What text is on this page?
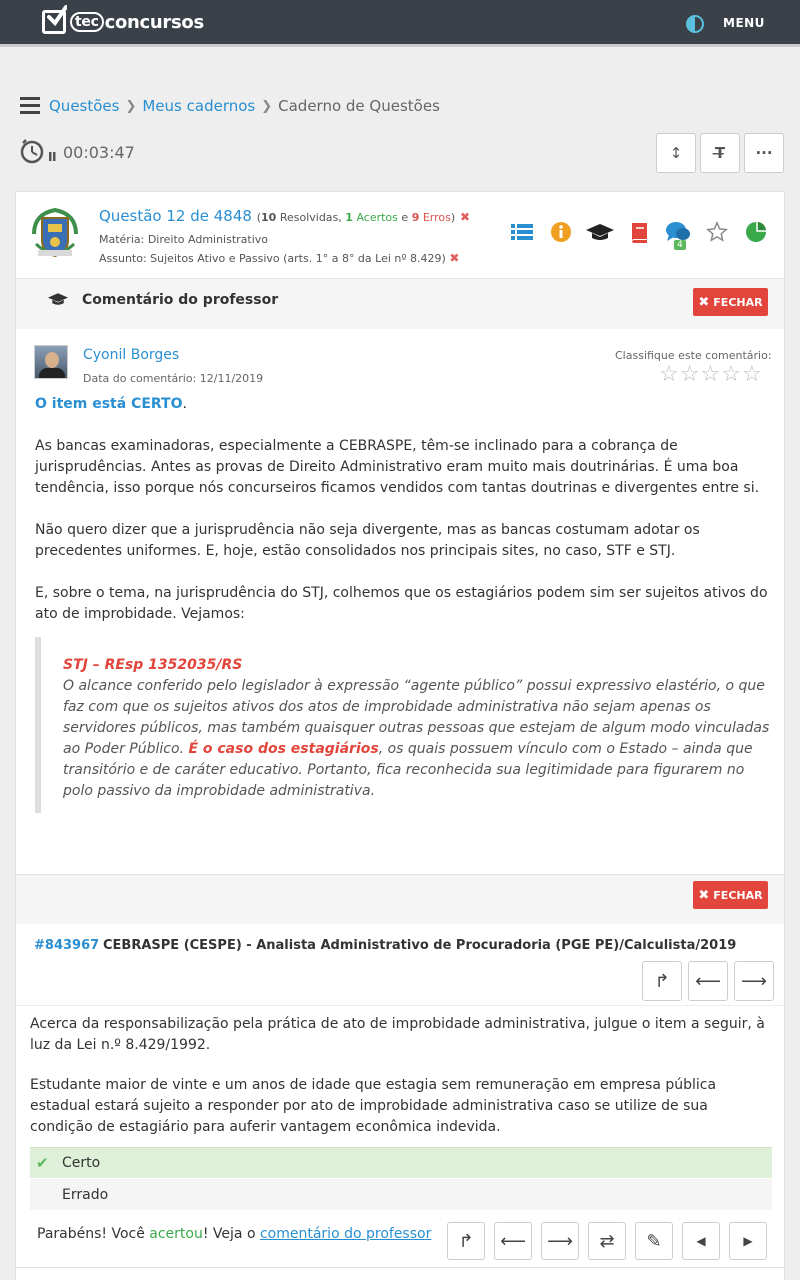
tec concursos	MENU
Questões ❯ Meus cadernos ❯ Caderno de Questões
00:03:47	↕ T̶ ···
Questão 12 de 4848 (10 Resolvidas, 1 Acertos e 9 Erros) ✖
Matéria: Direito Administrativo
Assunto: Sujeitos Ativo e Passivo (arts. 1° a 8° da Lei nº 8.429) ✖
4
Comentário do professor	✖ FECHAR
Cyonil Borges
Data do comentário: 12/11/2019
Classifique este comentário:
☆ ☆ ☆ ☆ ☆
O item está CERTO.
As bancas examinadoras, especialmente a CEBRASPE, têm-se inclinado para a cobrança de jurisprudências. Antes as provas de Direito Administrativo eram muito mais doutrinárias. É uma boa tendência, isso porque nós concurseiros ficamos vendidos com tantas doutrinas e divergentes entre si.
Não quero dizer que a jurisprudência não seja divergente, mas as bancas costumam adotar os precedentes uniformes. E, hoje, estão consolidados nos principais sites, no caso, STF e STJ.
E, sobre o tema, na jurisprudência do STJ, colhemos que os estagiários podem sim ser sujeitos ativos do ato de improbidade. Vejamos:
STJ – REsp 1352035/RS
O alcance conferido pelo legislador à expressão “agente público” possui expressivo elastério, o que faz com que os sujeitos ativos dos atos de improbidade administrativa não sejam apenas os servidores públicos, mas também quaisquer outras pessoas que estejam de algum modo vinculadas ao Poder Público. É o caso dos estagiários, os quais possuem vínculo com o Estado – ainda que transitório e de caráter educativo. Portanto, fica reconhecida sua legitimidade para figurarem no polo passivo da improbidade administrativa.
✖ FECHAR
#843967 CEBRASPE (CESPE) - Analista Administrativo de Procuradoria (PGE PE)/Calculista/2019
↱ ⟵ ⟶
Acerca da responsabilização pela prática de ato de improbidade administrativa, julgue o item a seguir, à luz da Lei n.º 8.429/1992.
Estudante maior de vinte e um anos de idade que estagia sem remuneração em empresa pública estadual estará sujeito a responder por ato de improbidade administrativa caso se utilize de sua condição de estagiário para auferir vantagem econômica indevida.
✔ Certo
Errado
Parabéns! Você acertou! Veja o comentário do professor ↱ ⟵ ⟶ ⇄ ✎	◀	▶
